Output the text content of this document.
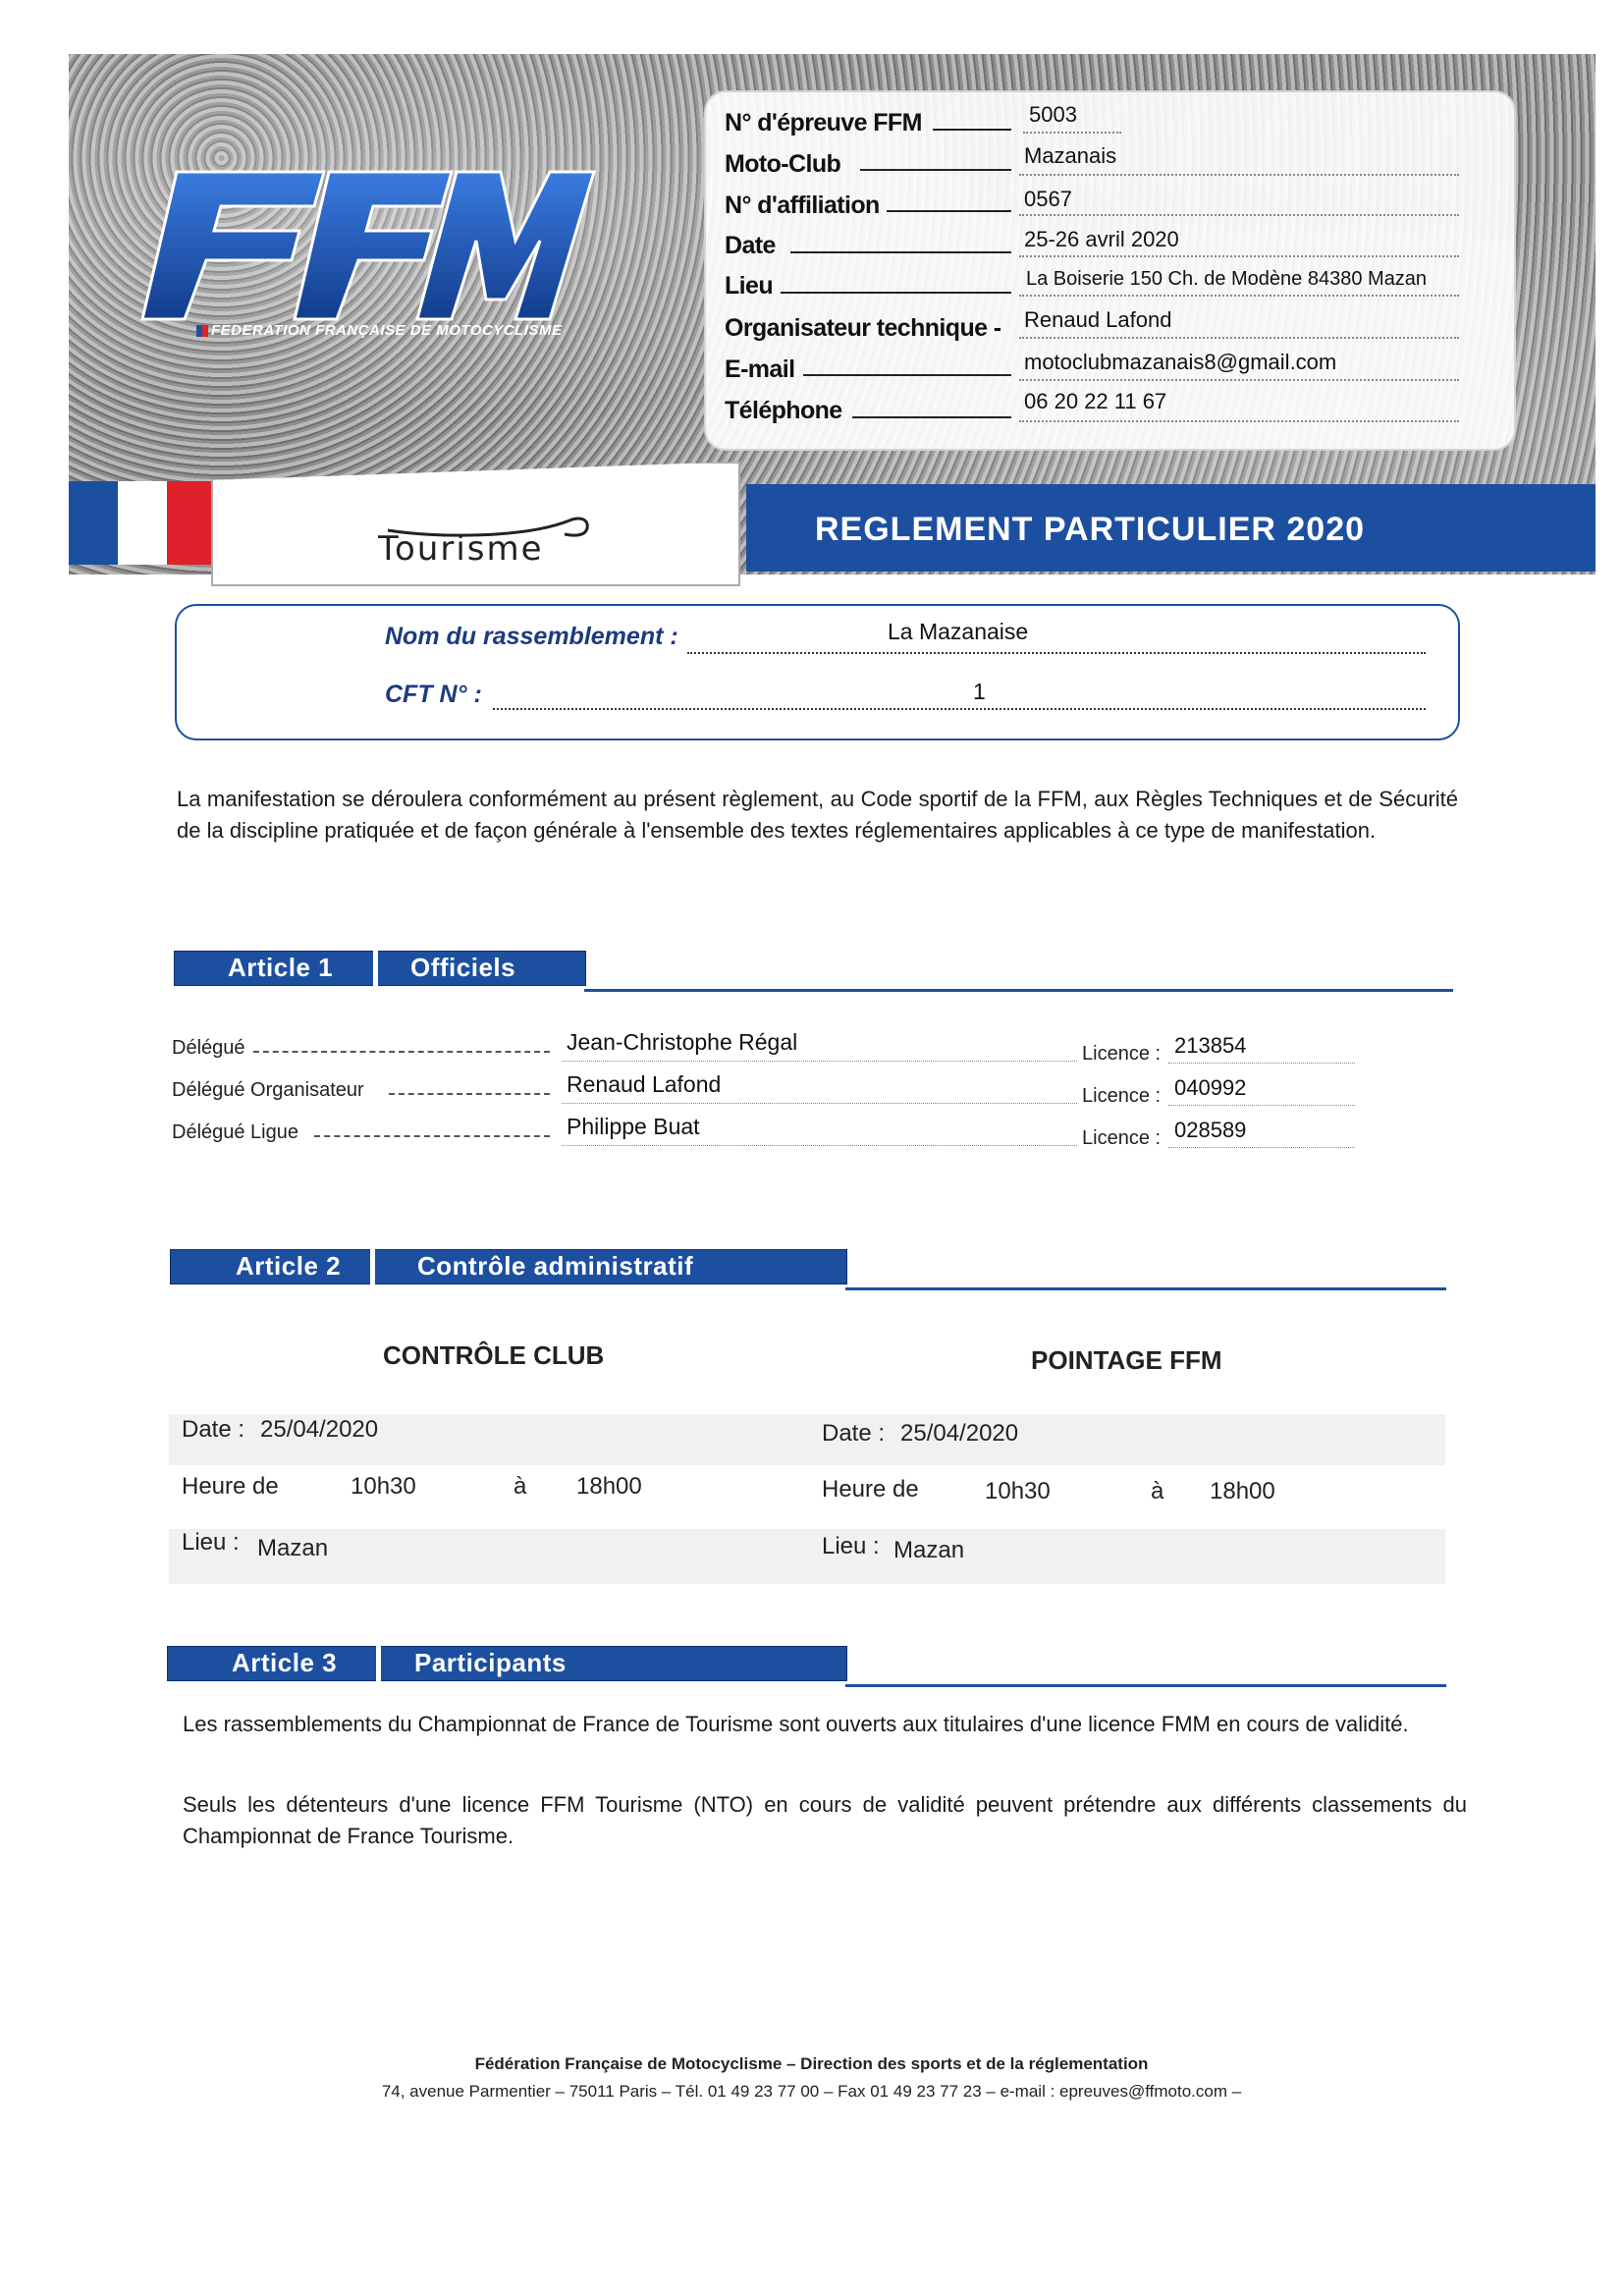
FEDERATION FRANÇAISE DE MOTOCYCLISME
N° d'épreuve FFM	5003
Moto-Club	Mazanais
N° d'affiliation	0567
Date	25-26 avril 2020
Lieu	La Boiserie 150 Ch. de Modène 84380 Mazan
Organisateur technique - Renaud Lafond
E-mail	motoclubmazanais8@gmail.com
Téléphone	06 20 22 11 67
Tourisme	REGLEMENT PARTICULIER 2020
Nom du rassemblement :	La Mazanaise
CFT N° :	1
La manifestation se déroulera conformément au présent règlement, au Code sportif de la FFM, aux Règles Techniques et de Sécurité de la discipline pratiquée et de façon générale à l'ensemble des textes réglementaires applicables à ce type de manifestation.
Article 1	Officiels
Délégué	Jean-Christophe Régal	Licence : 213854
Délégué Organisateur	Renaud Lafond	Licence : 040992
Délégué Ligue	Philippe Buat	Licence : 028589
Article 2	Contrôle administratif
CONTRÔLE CLUB	POINTAGE FFM
Date : 25/04/2020
Heure de	10h30	à 18h00
Lieu : Mazan
Date : 25/04/2020
Heure de	10h30	à 18h00
Lieu : Mazan
Article 3	Participants
Les rassemblements du Championnat de France de Tourisme sont ouverts aux titulaires d'une licence FMM en cours de validité.
Seuls les détenteurs d'une licence FFM Tourisme (NTO) en cours de validité peuvent prétendre aux différents classements du Championnat de France Tourisme.
Fédération Française de Motocyclisme – Direction des sports et de la réglementation
74, avenue Parmentier – 75011 Paris – Tél. 01 49 23 77 00 – Fax 01 49 23 77 23 – e-mail : epreuves@ffmoto.com –
